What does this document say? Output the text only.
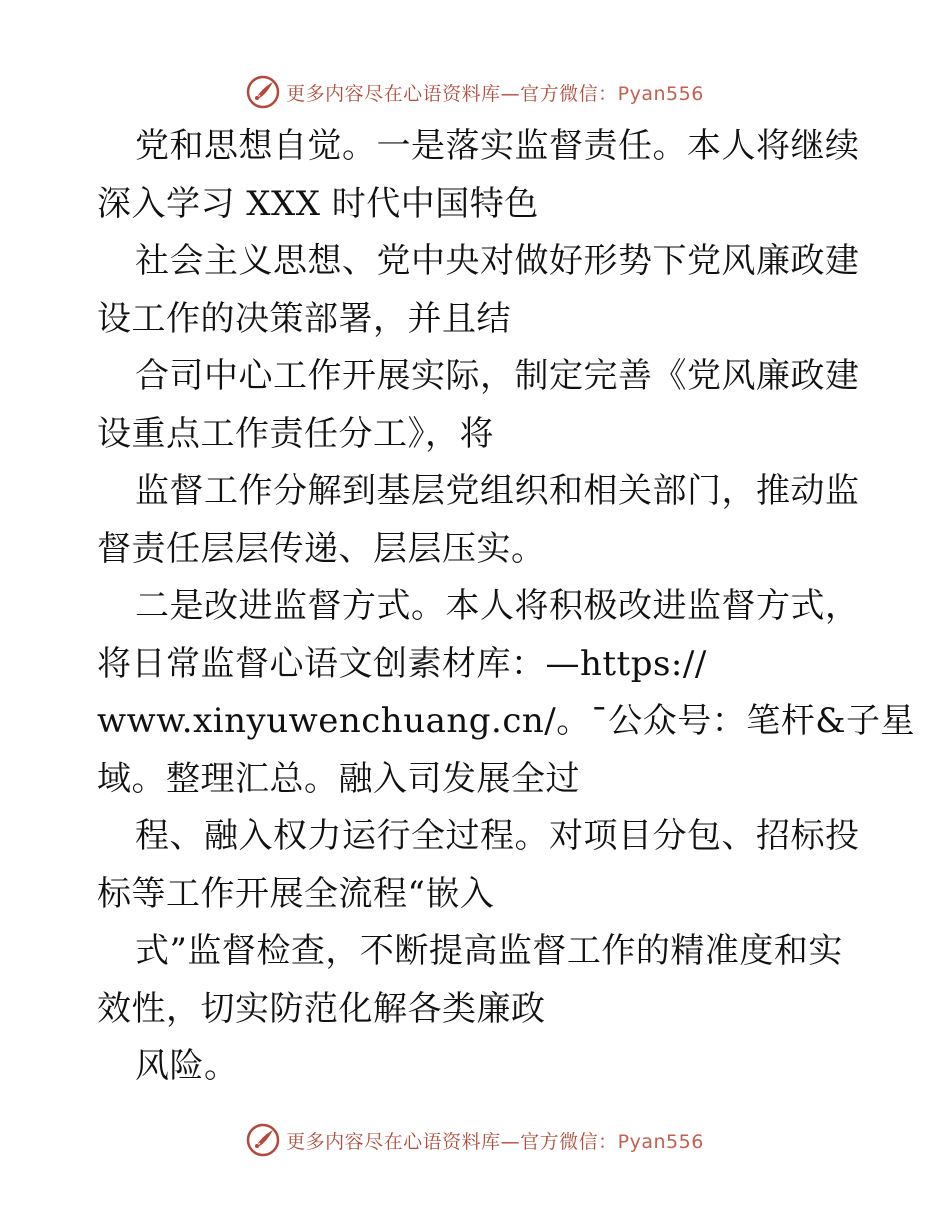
更多内容尽在心语资料库—官方微信：Pyan556
党和思想自觉。一是落实监督责任。本人将继续
深入学习 XXX 时代中国特色
社会主义思想、党中央对做好形势下党风廉政建
设工作的决策部署，并且结
合司中心工作开展实际，制定完善《党风廉政建
设重点工作责任分工》，将
监督工作分解到基层党组织和相关部门，推动监
督责任层层传递、层层压实。
二是改进监督方式。本人将积极改进监督方式，
将日常监督心语文创素材库：—https://
www.xinyuwenchuang.cn/。¯公众号：笔杆&子星
域。整理汇总。融入司发展全过
程、融入权力运行全过程。对项目分包、招标投
标等工作开展全流程“嵌入
式”监督检查，不断提高监督工作的精准度和实
效性，切实防范化解各类廉政
风险。
更多内容尽在心语资料库—官方微信：Pyan556
